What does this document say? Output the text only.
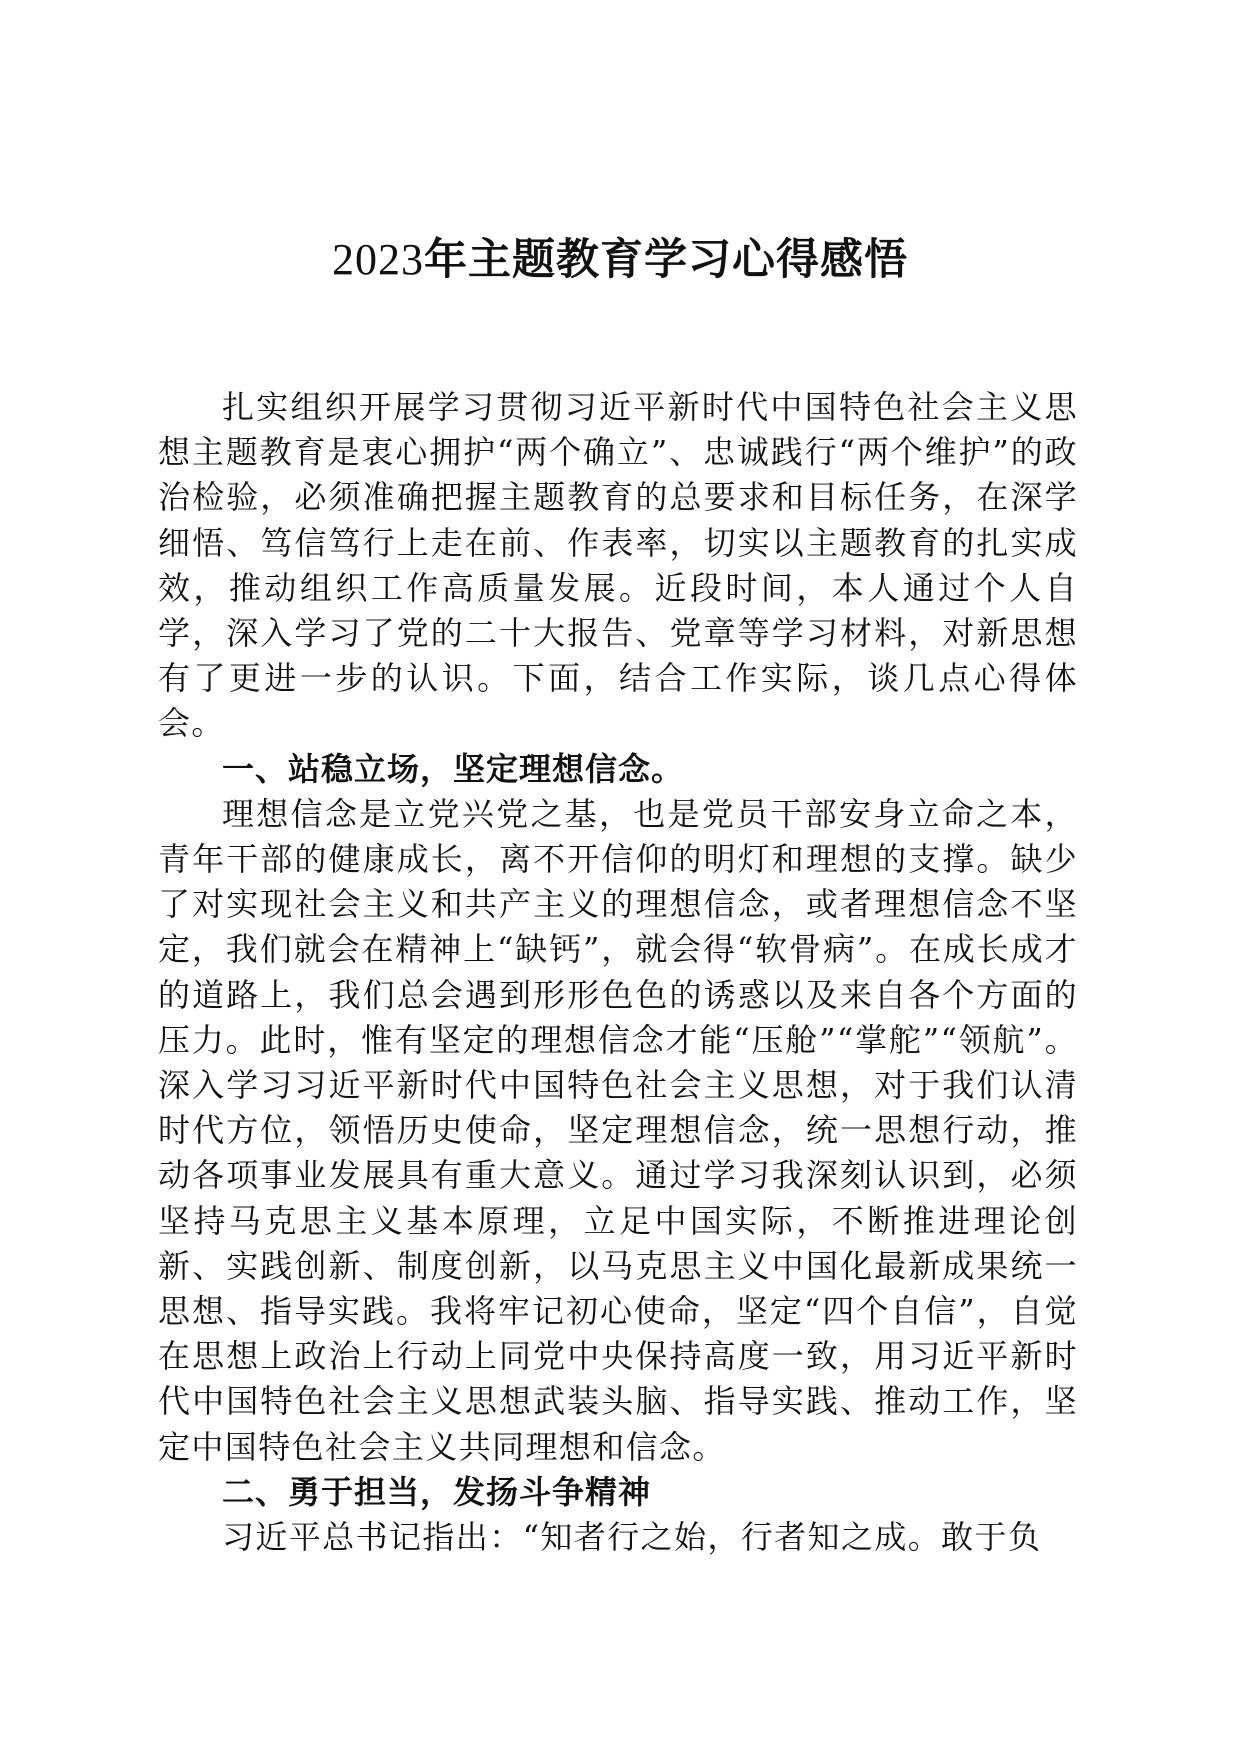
2023年主题教育学习心得感悟

扎实组织开展学习贯彻习近平新时代中国特色社会主义思想主题教育是衷心拥护“两个确立”、忠诚践行“两个维护”的政治检验，必须准确把握主题教育的总要求和目标任务，在深学细悟、笃信笃行上走在前、作表率，切实以主题教育的扎实成效，推动组织工作高质量发展。近段时间，本人通过个人自学，深入学习了党的二十大报告、党章等学习材料，对新思想有了更进一步的认识。下面，结合工作实际，谈几点心得体会。

一、站稳立场，坚定理想信念。

理想信念是立党兴党之基，也是党员干部安身立命之本，青年干部的健康成长，离不开信仰的明灯和理想的支撑。缺少了对实现社会主义和共产主义的理想信念，或者理想信念不坚定，我们就会在精神上“缺钙”，就会得“软骨病”。在成长成才的道路上，我们总会遇到形形色色的诱惑以及来自各个方面的压力。此时，惟有坚定的理想信念才能“压舱”“掌舵”“领航”。深入学习习近平新时代中国特色社会主义思想，对于我们认清时代方位，领悟历史使命，坚定理想信念，统一思想行动，推动各项事业发展具有重大意义。通过学习我深刻认识到，必须坚持马克思主义基本原理，立足中国实际，不断推进理论创新、实践创新、制度创新，以马克思主义中国化最新成果统一思想、指导实践。我将牢记初心使命，坚定“四个自信”，自觉在思想上政治上行动上同党中央保持高度一致，用习近平新时代中国特色社会主义思想武装头脑、指导实践、推动工作，坚定中国特色社会主义共同理想和信念。

二、勇于担当，发扬斗争精神

习近平总书记指出：“知者行之始，行者知之成。敢于负
